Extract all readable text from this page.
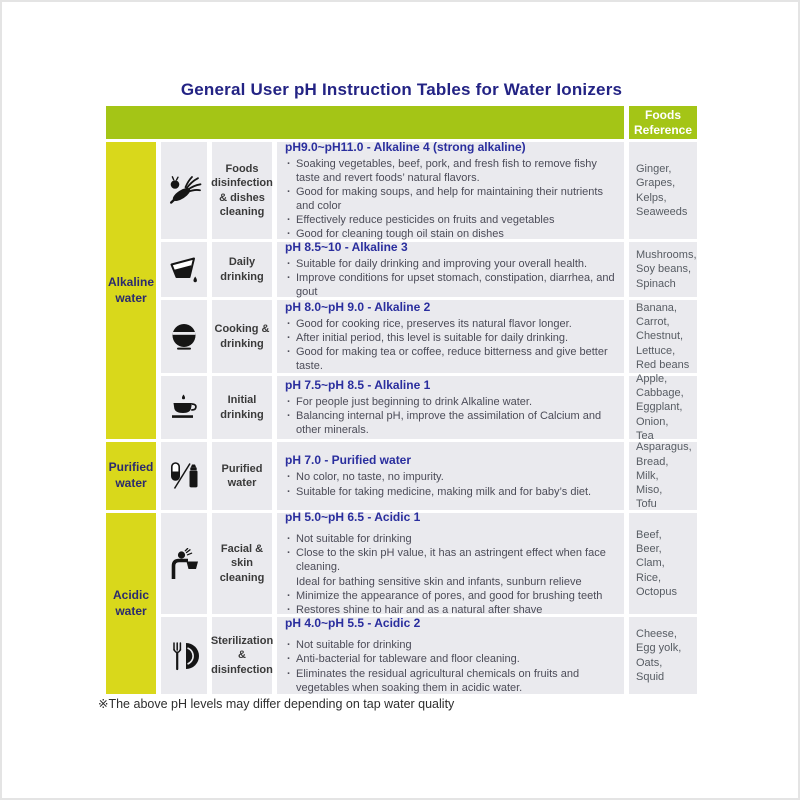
General User pH Instruction Tables for Water Ionizers
Foods
Reference
Alkaline water
Purified water
Acidic water
Foods disinfection & dishes cleaning
pH9.0~pH11.0 - Alkaline 4 (strong alkaline)
· Soaking vegetables, beef, pork, and fresh fish to remove fishy taste and revert foods’ natural flavors.
· Good for making soups, and help for maintaining their nutrients and color
· Effectively reduce pesticides on fruits and vegetables
· Good for cleaning tough oil stain on dishes
Ginger,
Grapes,
Kelps,
Seaweeds
Daily drinking
pH 8.5~10 - Alkaline 3
· Suitable for daily drinking and improving your overall health.
· Improve conditions for upset stomach, constipation, diarrhea, and gout
Mushrooms,
Soy beans,
Spinach
Cooking & drinking
pH 8.0~pH 9.0 - Alkaline 2
· Good for cooking rice, preserves its natural flavor longer.
· After initial period, this level is suitable for daily drinking.
· Good for making tea or coffee, reduce bitterness and give better taste.
Banana,
Carrot,
Chestnut,
Lettuce,
Red beans
Initial drinking
pH 7.5~pH 8.5 - Alkaline 1
· For people just beginning to drink Alkaline water.
· Balancing internal pH, improve the assimilation of Calcium and other minerals.
Apple,
Cabbage,
Eggplant,
Onion,
Tea
Purified water
pH 7.0 - Purified water
· No color, no taste, no impurity.
· Suitable for taking medicine, making milk and for baby’s diet.
Asparagus,
Bread,
Milk,
Miso,
Tofu
Facial & skin cleaning
pH 5.0~pH 6.5 - Acidic 1
· Not suitable for drinking
· Close to the skin pH value, it has an astringent effect when face cleaning.
Ideal for bathing sensitive skin and infants, sunburn relieve
· Minimize the appearance of pores, and good for brushing teeth
· Restores shine to hair and as a natural after shave
Beef,
Beer,
Clam,
Rice,
Octopus
Sterilization & disinfection
pH 4.0~pH 5.5 - Acidic 2
· Not suitable for drinking
· Anti-bacterial for tableware and floor cleaning.
· Eliminates the residual agricultural chemicals on fruits and vegetables when soaking them in acidic water.
Cheese,
Egg yolk,
Oats,
Squid
※The above pH levels may differ depending on tap water quality
